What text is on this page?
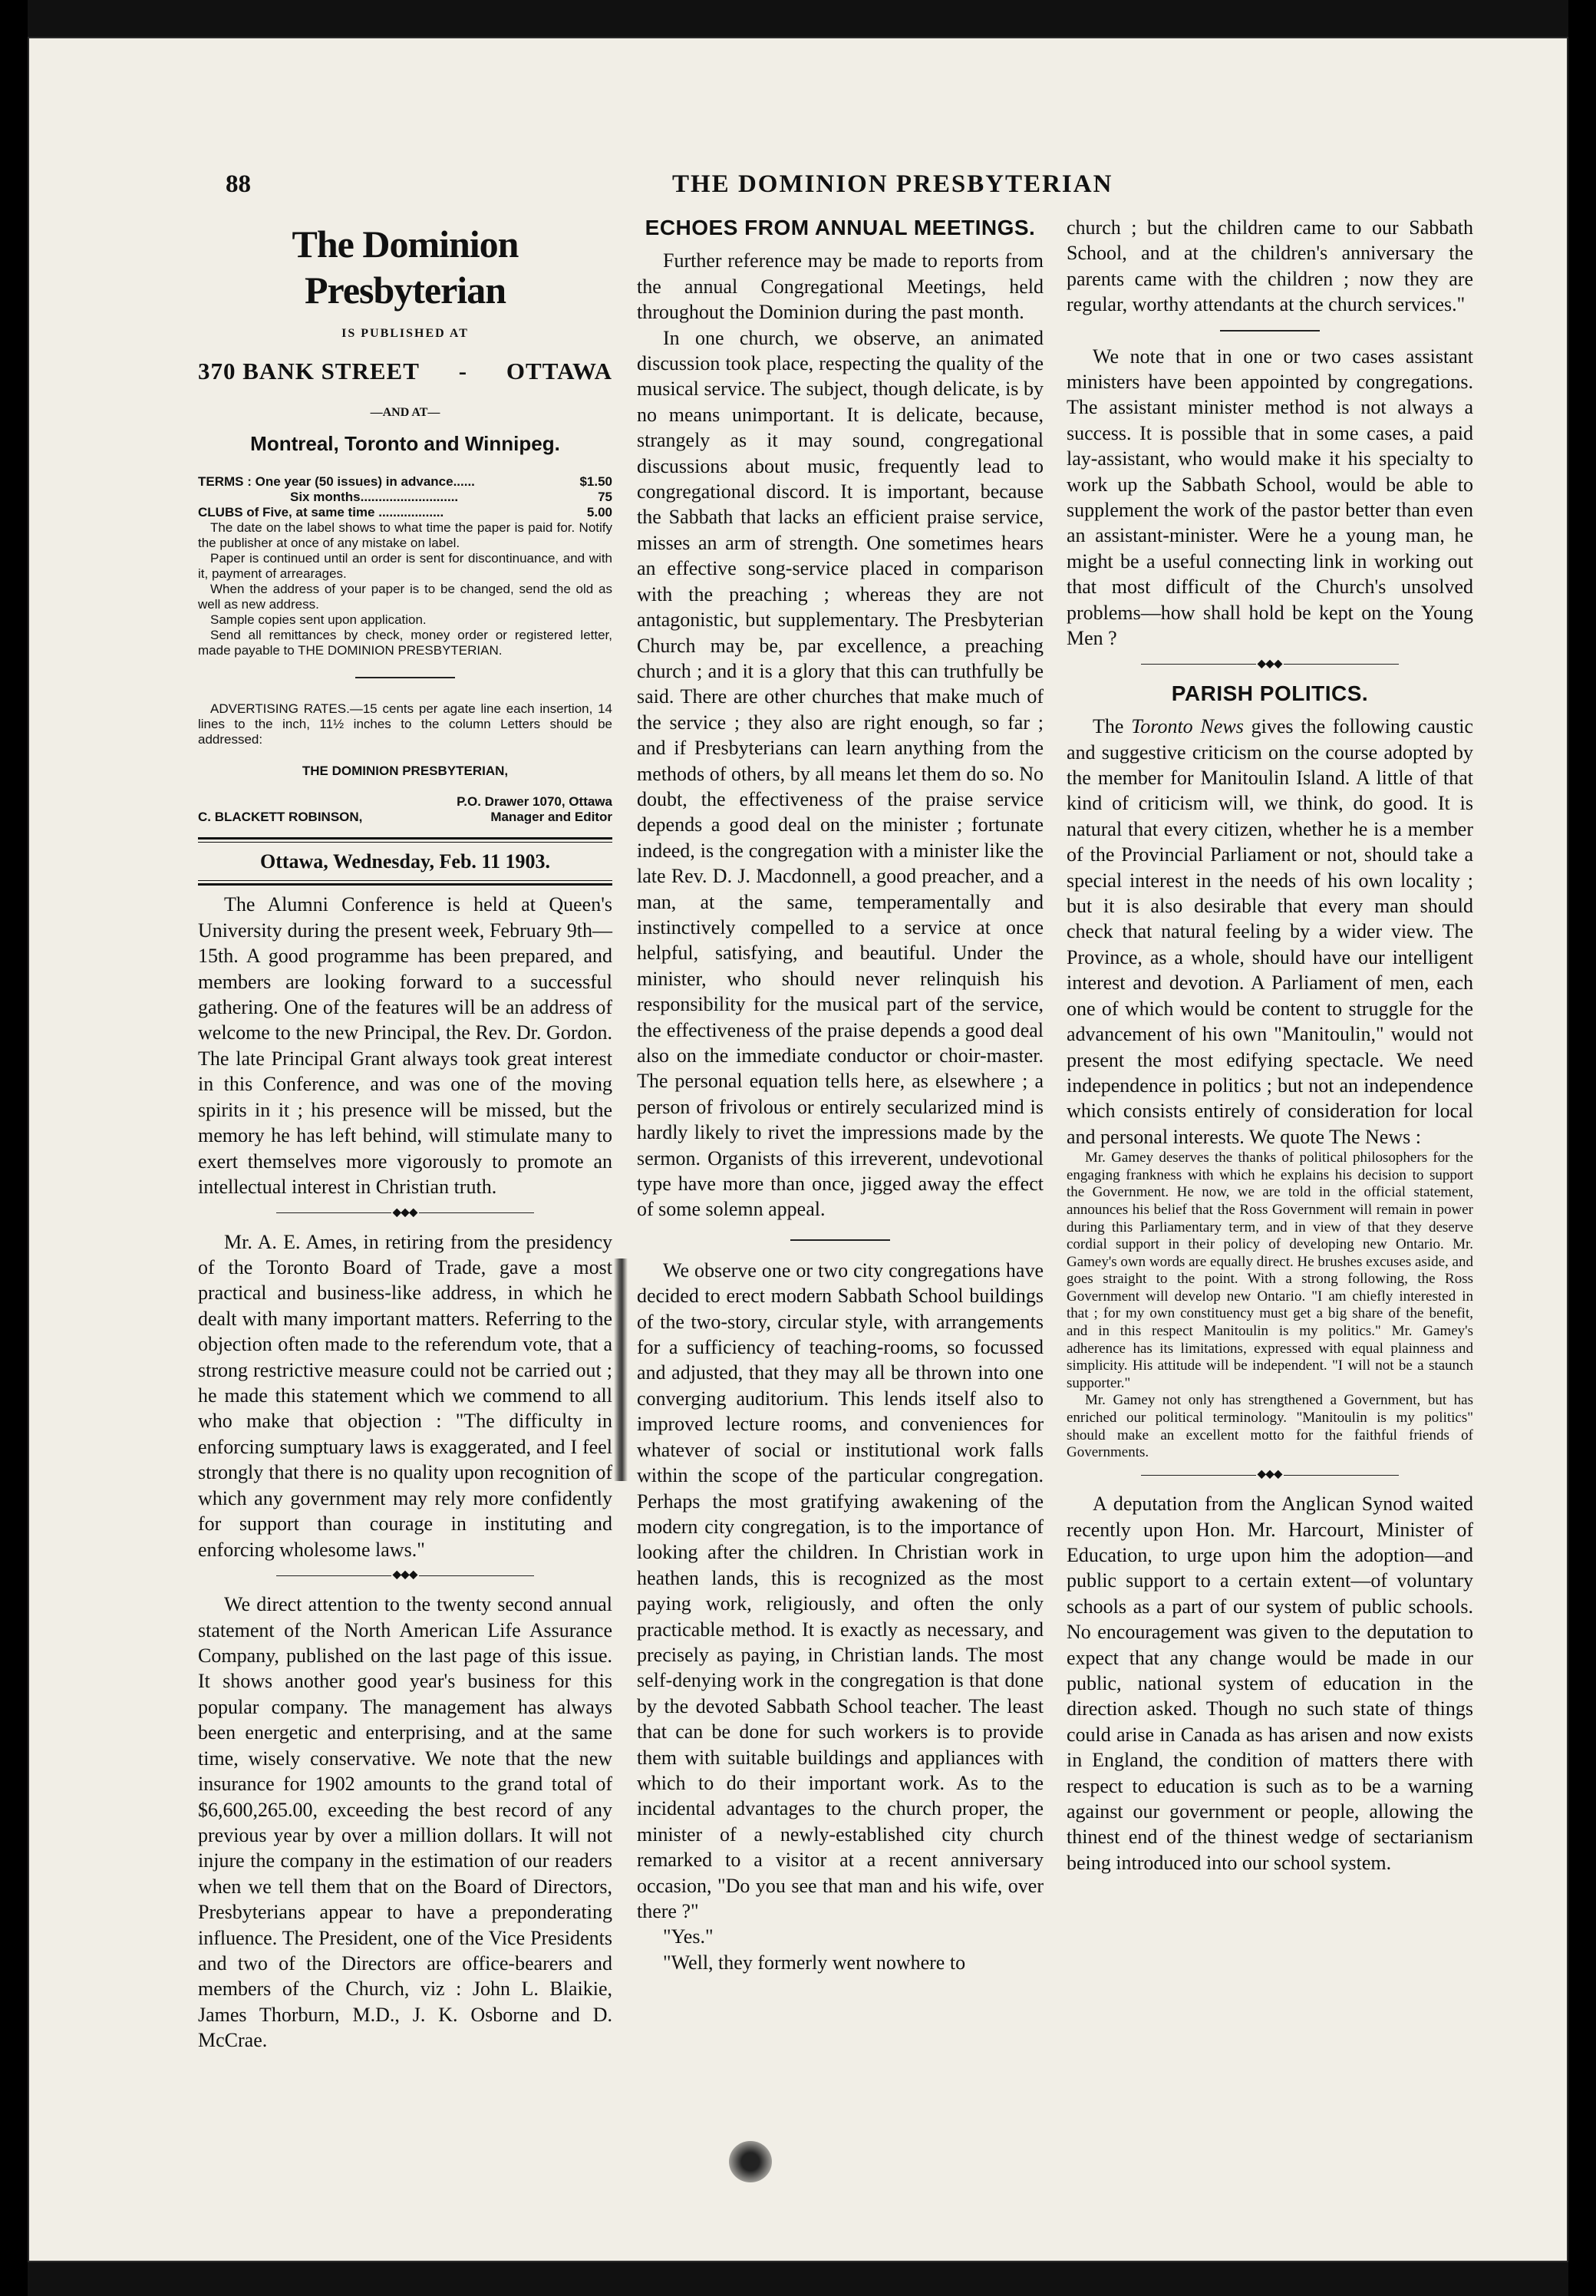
88	THE DOMINION PRESBYTERIAN
The Dominion Presbyterian
IS PUBLISHED AT
370 BANK STREET - OTTAWA
—AND AT—
Montreal, Toronto and Winnipeg.
TERMS : One year (50 issues) in advance......	$1.50
Six months...........................	75
CLUBS of Five, at same time ..................	5.00
The date on the label shows to what time the paper is paid for. Notify the publisher at once of any mistake on label.
Paper is continued until an order is sent for discontinuance, and with it, payment of arrearages.
When the address of your paper is to be changed, send the old as well as new address.
Sample copies sent upon application.
Send all remittances by check, money order or registered letter, made payable to THE DOMINION PRESBYTERIAN.
ADVERTISING RATES.—15 cents per agate line each insertion, 14 lines to the inch, 11½ inches to the column Letters should be addressed:
THE DOMINION PRESBYTERIAN,
P.O. Drawer 1070, Ottawa
C. BLACKETT ROBINSON,	Manager and Editor
Ottawa, Wednesday, Feb. 11 1903.

The Alumni Conference is held at Queen's University during the present week, February 9th—15th. A good programme has been prepared, and members are looking forward to a successful gathering. One of the features will be an address of welcome to the new Principal, the Rev. Dr. Gordon. The late Principal Grant always took great interest in this Conference, and was one of the moving spirits in it ; his presence will be missed, but the memory he has left behind, will stimulate many to exert themselves more vigorously to promote an intellectual interest in Christian truth.

◆◆◆

Mr. A. E. Ames, in retiring from the presidency of the Toronto Board of Trade, gave a most practical and business-like address, in which he dealt with many important matters. Referring to the objection often made to the referendum vote, that a strong restrictive measure could not be carried out ; he made this statement which we commend to all who make that objection : "The difficulty in enforcing sumptuary laws is exaggerated, and I feel strongly that there is no quality upon recognition of which any government may rely more confidently for support than courage in instituting and enforcing wholesome laws."

◆◆◆

We direct attention to the twenty second annual statement of the North American Life Assurance Company, published on the last page of this issue. It shows another good year's business for this popular company. The management has always been energetic and enterprising, and at the same time, wisely conservative. We note that the new insurance for 1902 amounts to the grand total of $6,600,265.00, exceeding the best record of any previous year by over a million dollars. It will not injure the company in the estimation of our readers when we tell them that on the Board of Directors, Presbyterians appear to have a preponderating influence. The President, one of the Vice Presidents and two of the Directors are office-bearers and members of the Church, viz : John L. Blaikie, James Thorburn, M.D., J. K. Osborne and D. McCrae.

ECHOES FROM ANNUAL MEETINGS.

Further reference may be made to reports from the annual Congregational Meetings, held throughout the Dominion during the past month.

In one church, we observe, an animated discussion took place, respecting the quality of the musical service. The subject, though delicate, is by no means unimportant. It is delicate, because, strangely as it may sound, congregational discussions about music, frequently lead to congregational discord. It is important, because the Sabbath that lacks an efficient praise service, misses an arm of strength. One sometimes hears an effective song-service placed in comparison with the preaching ; whereas they are not antagonistic, but supplementary. The Presbyterian Church may be, par excellence, a preaching church ; and it is a glory that this can truthfully be said. There are other churches that make much of the service ; they also are right enough, so far ; and if Presbyterians can learn anything from the methods of others, by all means let them do so. No doubt, the effectiveness of the praise service depends a good deal on the minister ; fortunate indeed, is the congregation with a minister like the late Rev. D. J. Macdonnell, a good preacher, and a man, at the same, temperamentally and instinctively compelled to a service at once helpful, satisfying, and beautiful. Under the minister, who should never relinquish his responsibility for the musical part of the service, the effectiveness of the praise depends a good deal also on the immediate conductor or choir-master. The personal equation tells here, as elsewhere ; a person of frivolous or entirely secularized mind is hardly likely to rivet the impressions made by the sermon. Organists of this irreverent, undevotional type have more than once, jigged away the effect of some solemn appeal.

We observe one or two city congregations have decided to erect modern Sabbath School buildings of the two-story, circular style, with arrangements for a sufficiency of teaching-rooms, so focussed and adjusted, that they may all be thrown into one converging auditorium. This lends itself also to improved lecture rooms, and conveniences for whatever of social or institutional work falls within the scope of the particular congregation. Perhaps the most gratifying awakening of the modern city congregation, is to the importance of looking after the children. In Christian work in heathen lands, this is recognized as the most paying work, religiously, and often the only practicable method. It is exactly as necessary, and precisely as paying, in Christian lands. The most self-denying work in the congregation is that done by the devoted Sabbath School teacher. The least that can be done for such workers is to provide them with suitable buildings and appliances with which to do their important work. As to the incidental advantages to the church proper, the minister of a newly-established city church remarked to a visitor at a recent anniversary occasion, "Do you see that man and his wife, over there ?"

"Yes."

"Well, they formerly went nowhere to

church ; but the children came to our Sabbath School, and at the children's anniversary the parents came with the children ; now they are regular, worthy attendants at the church services."

We note that in one or two cases assistant ministers have been appointed by congregations. The assistant minister method is not always a success. It is possible that in some cases, a paid lay-assistant, who would make it his specialty to work up the Sabbath School, would be able to supplement the work of the pastor better than even an assistant-minister. Were he a young man, he might be a useful connecting link in working out that most difficult of the Church's unsolved problems—how shall hold be kept on the Young Men ?

◆◆◆
PARISH POLITICS.

The Toronto News gives the following caustic and suggestive criticism on the course adopted by the member for Manitoulin Island. A little of that kind of criticism will, we think, do good. It is natural that every citizen, whether he is a member of the Provincial Parliament or not, should take a special interest in the needs of his own locality ; but it is also desirable that every man should check that natural feeling by a wider view. The Province, as a whole, should have our intelligent interest and devotion. A Parliament of men, each one of which would be content to struggle for the advancement of his own "Manitoulin," would not present the most edifying spectacle. We need independence in politics ; but not an independence which consists entirely of consideration for local and personal interests. We quote The News :

Mr. Gamey deserves the thanks of political philosophers for the engaging frankness with which he explains his decision to support the Government. He now, we are told in the official statement, announces his belief that the Ross Government will remain in power during this Parliamentary term, and in view of that they deserve cordial support in their policy of developing new Ontario. Mr. Gamey's own words are equally direct. He brushes excuses aside, and goes straight to the point. With a strong following, the Ross Government will develop new Ontario. "I am chiefly interested in that ; for my own constituency must get a big share of the benefit, and in this respect Manitoulin is my politics." Mr. Gamey's adherence has its limitations, expressed with equal plainness and simplicity. His attitude will be independent. "I will not be a staunch supporter."

Mr. Gamey not only has strengthened a Government, but has enriched our political terminology. "Manitoulin is my politics" should make an excellent motto for the faithful friends of Governments.

◆◆◆

A deputation from the Anglican Synod waited recently upon Hon. Mr. Harcourt, Minister of Education, to urge upon him the adoption—and public support to a certain extent—of voluntary schools as a part of our system of public schools. No encouragement was given to the deputation to expect that any change would be made in our public, national system of education in the direction asked. Though no such state of things could arise in Canada as has arisen and now exists in England, the condition of matters there with respect to education is such as to be a warning against our government or people, allowing the thinest end of the thinest wedge of sectarianism being introduced into our school system.
